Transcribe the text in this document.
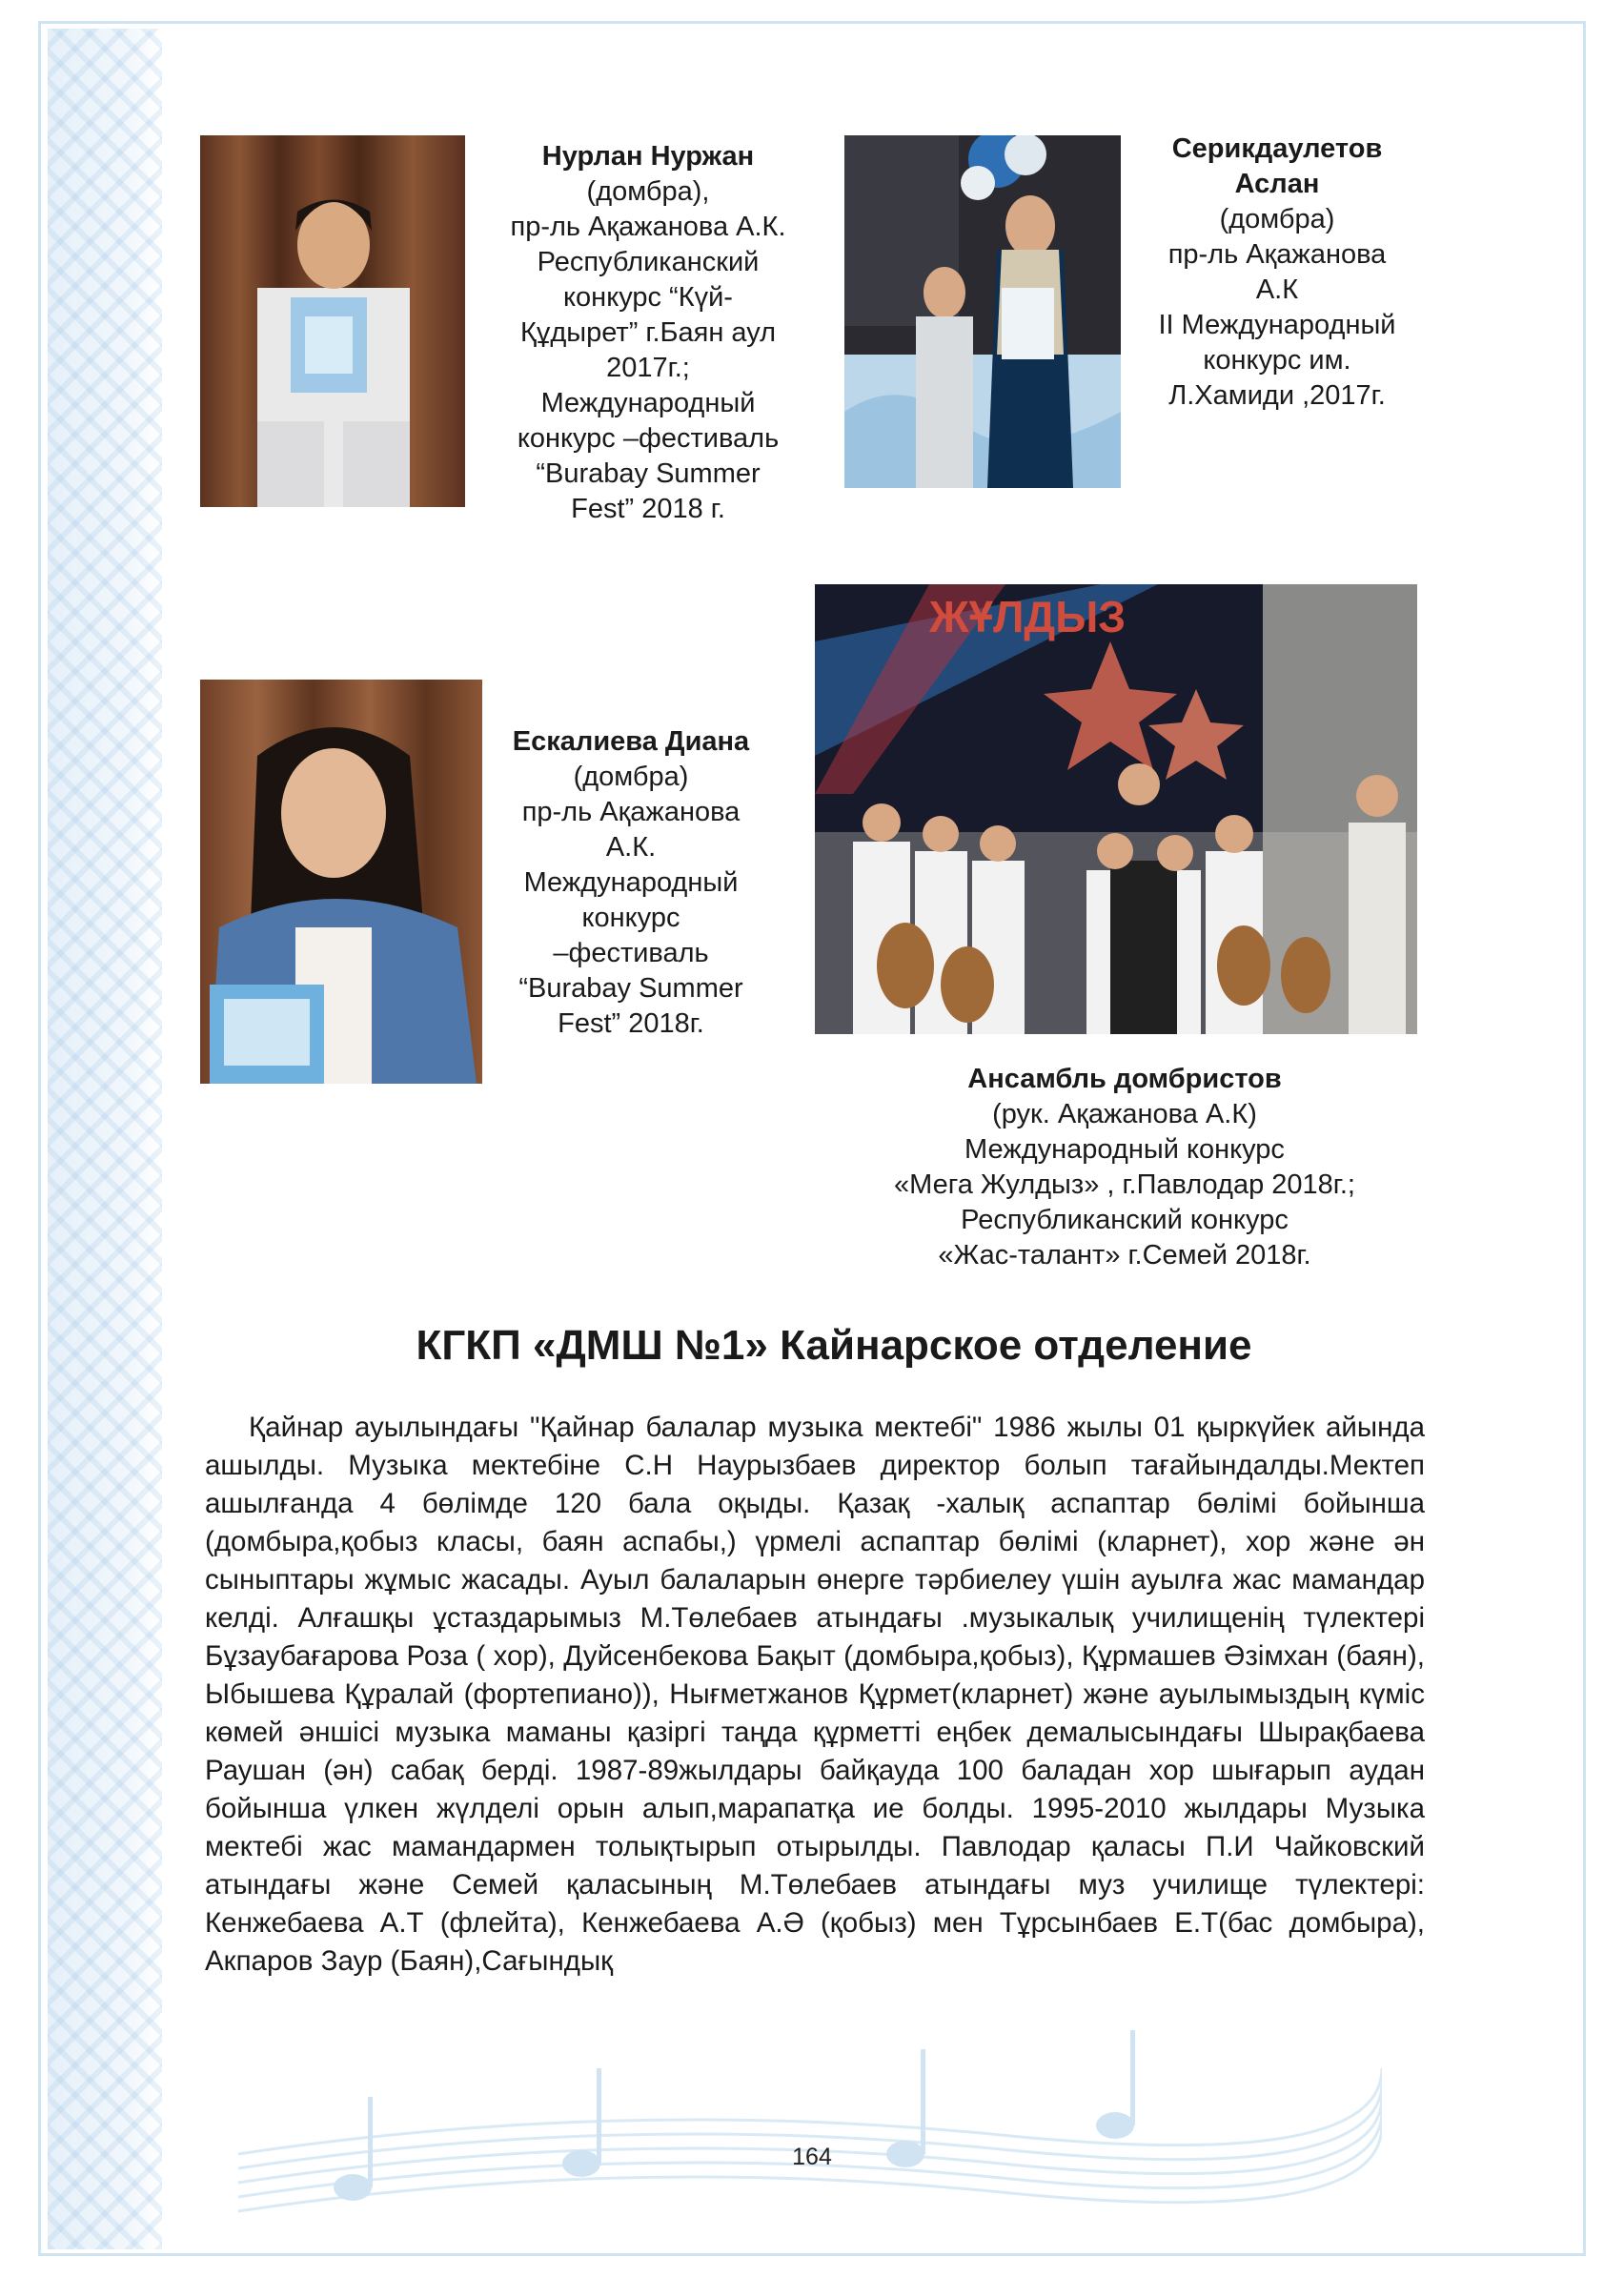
Нурлан Нуржан
(домбра),
пр-ль Ақажанова А.К.
Республиканский
конкурс “Күй-
Құдырет” г.Баян аул
2017г.;
Международный
конкурс –фестиваль
“Burabay Summer
Fest” 2018 г.
Серикдаулетов
Аслан
(домбра)
пр-ль Ақажанова
А.К
II Международный
конкурс им.
Л.Хамиди ,2017г.
Ескалиева Диана
(домбра)
пр-ль Ақажанова
А.К.
Международный
конкурс
–фестиваль
“Burabay Summer
Fest” 2018г.
ЖҰЛДЫЗ
Ансамбль домбристов
(рук. Ақажанова А.К)
Международный конкурс
«Мега Жулдыз» , г.Павлодар 2018г.;
Республиканский конкурс
«Жас-талант» г.Семей 2018г.
КГКП «ДМШ №1» Кайнарское отделение
Қайнар ауылындағы "Қайнар балалар музыка мектебі" 1986 жылы 01 қыркүйек айында ашылды. Музыка мектебіне С.Н Наурызбаев директор болып тағайындалды.Мектеп ашылғанда 4 бөлімде 120 бала оқыды. Қазақ -халық аспаптар бөлімі бойынша (домбыра,қобыз класы, баян аспабы,) үрмелі аспаптар бөлімі (кларнет), хор және ән сыныптары жұмыс жасады. Ауыл балаларын өнерге тәрбиелеу үшін ауылға жас мамандар келді. Алғашқы ұстаздарымыз М.Төлебаев атындағы .музыкалық училищенің түлектері Бұзаубағарова Роза ( хор), Дуйсенбекова Бақыт (домбыра,қобыз), Құрмашев Әзімхан (баян), Ыбышева Құралай (фортепиано)), Нығметжанов Құрмет(кларнет) және ауылымыздың күміс көмей әншісі музыка маманы қазіргі таңда құрметті еңбек демалысындағы Шырақбаева Раушан (ән) сабақ берді. 1987-89жылдары байқауда 100 баладан хор шығарып аудан бойынша үлкен жүлделі орын алып,марапатқа ие болды. 1995-2010 жылдары Музыка мектебі жас мамандармен толықтырып отырылды. Павлодар қаласы П.И Чайковский атындағы және Семей қаласының М.Төлебаев атындағы муз училище түлектері: Кенжебаева А.Т (флейта), Кенжебаева А.Ә (қобыз) мен Тұрсынбаев Е.Т(бас домбыра), Акпаров Заур (Баян),Сағындық
164
